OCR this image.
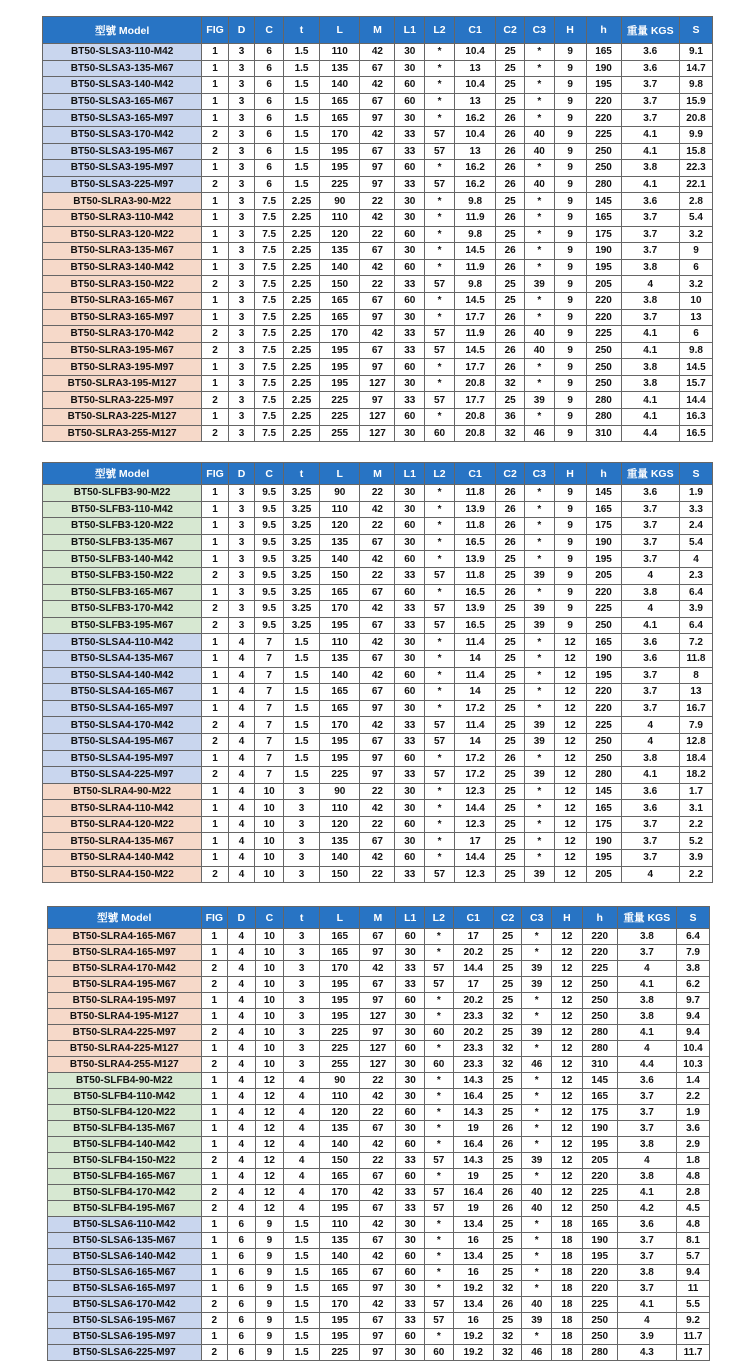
型號 Model	FIG	D	C	t	L	M	L1	L2	C1	C2	C3	H	h	重量 KGS	S
BT50-SLSA3-110-M42	1	3	6	1.5	110	42	30	*	10.4	25	*	9	165	3.6	9.1
BT50-SLSA3-135-M67	1	3	6	1.5	135	67	30	*	13	25	*	9	190	3.6	14.7
BT50-SLSA3-140-M42	1	3	6	1.5	140	42	60	*	10.4	25	*	9	195	3.7	9.8
BT50-SLSA3-165-M67	1	3	6	1.5	165	67	60	*	13	25	*	9	220	3.7	15.9
BT50-SLSA3-165-M97	1	3	6	1.5	165	97	30	*	16.2	26	*	9	220	3.7	20.8
BT50-SLSA3-170-M42	2	3	6	1.5	170	42	33	57	10.4	26	40	9	225	4.1	9.9
BT50-SLSA3-195-M67	2	3	6	1.5	195	67	33	57	13	26	40	9	250	4.1	15.8
BT50-SLSA3-195-M97	1	3	6	1.5	195	97	60	*	16.2	26	*	9	250	3.8	22.3
BT50-SLSA3-225-M97	2	3	6	1.5	225	97	33	57	16.2	26	40	9	280	4.1	22.1
BT50-SLRA3-90-M22	1	3	7.5	2.25	90	22	30	*	9.8	25	*	9	145	3.6	2.8
BT50-SLRA3-110-M42	1	3	7.5	2.25	110	42	30	*	11.9	26	*	9	165	3.7	5.4
BT50-SLRA3-120-M22	1	3	7.5	2.25	120	22	60	*	9.8	25	*	9	175	3.7	3.2
BT50-SLRA3-135-M67	1	3	7.5	2.25	135	67	30	*	14.5	26	*	9	190	3.7	9
BT50-SLRA3-140-M42	1	3	7.5	2.25	140	42	60	*	11.9	26	*	9	195	3.8	6
BT50-SLRA3-150-M22	2	3	7.5	2.25	150	22	33	57	9.8	25	39	9	205	4	3.2
BT50-SLRA3-165-M67	1	3	7.5	2.25	165	67	60	*	14.5	25	*	9	220	3.8	10
BT50-SLRA3-165-M97	1	3	7.5	2.25	165	97	30	*	17.7	26	*	9	220	3.7	13
BT50-SLRA3-170-M42	2	3	7.5	2.25	170	42	33	57	11.9	26	40	9	225	4.1	6
BT50-SLRA3-195-M67	2	3	7.5	2.25	195	67	33	57	14.5	26	40	9	250	4.1	9.8
BT50-SLRA3-195-M97	1	3	7.5	2.25	195	97	60	*	17.7	26	*	9	250	3.8	14.5
BT50-SLRA3-195-M127	1	3	7.5	2.25	195	127	30	*	20.8	32	*	9	250	3.8	15.7
BT50-SLRA3-225-M97	2	3	7.5	2.25	225	97	33	57	17.7	25	39	9	280	4.1	14.4
BT50-SLRA3-225-M127	1	3	7.5	2.25	225	127	60	*	20.8	36	*	9	280	4.1	16.3
BT50-SLRA3-255-M127	2	3	7.5	2.25	255	127	30	60	20.8	32	46	9	310	4.4	16.5
型號 Model	FIG	D	C	t	L	M	L1	L2	C1	C2	C3	H	h	重量 KGS	S
BT50-SLFB3-90-M22	1	3	9.5	3.25	90	22	30	*	11.8	26	*	9	145	3.6	1.9
BT50-SLFB3-110-M42	1	3	9.5	3.25	110	42	30	*	13.9	26	*	9	165	3.7	3.3
BT50-SLFB3-120-M22	1	3	9.5	3.25	120	22	60	*	11.8	26	*	9	175	3.7	2.4
BT50-SLFB3-135-M67	1	3	9.5	3.25	135	67	30	*	16.5	26	*	9	190	3.7	5.4
BT50-SLFB3-140-M42	1	3	9.5	3.25	140	42	60	*	13.9	25	*	9	195	3.7	4
BT50-SLFB3-150-M22	2	3	9.5	3.25	150	22	33	57	11.8	25	39	9	205	4	2.3
BT50-SLFB3-165-M67	1	3	9.5	3.25	165	67	60	*	16.5	26	*	9	220	3.8	6.4
BT50-SLFB3-170-M42	2	3	9.5	3.25	170	42	33	57	13.9	25	39	9	225	4	3.9
BT50-SLFB3-195-M67	2	3	9.5	3.25	195	67	33	57	16.5	25	39	9	250	4.1	6.4
BT50-SLSA4-110-M42	1	4	7	1.5	110	42	30	*	11.4	25	*	12	165	3.6	7.2
BT50-SLSA4-135-M67	1	4	7	1.5	135	67	30	*	14	25	*	12	190	3.6	11.8
BT50-SLSA4-140-M42	1	4	7	1.5	140	42	60	*	11.4	25	*	12	195	3.7	8
BT50-SLSA4-165-M67	1	4	7	1.5	165	67	60	*	14	25	*	12	220	3.7	13
BT50-SLSA4-165-M97	1	4	7	1.5	165	97	30	*	17.2	25	*	12	220	3.7	16.7
BT50-SLSA4-170-M42	2	4	7	1.5	170	42	33	57	11.4	25	39	12	225	4	7.9
BT50-SLSA4-195-M67	2	4	7	1.5	195	67	33	57	14	25	39	12	250	4	12.8
BT50-SLSA4-195-M97	1	4	7	1.5	195	97	60	*	17.2	26	*	12	250	3.8	18.4
BT50-SLSA4-225-M97	2	4	7	1.5	225	97	33	57	17.2	25	39	12	280	4.1	18.2
BT50-SLRA4-90-M22	1	4	10	3	90	22	30	*	12.3	25	*	12	145	3.6	1.7
BT50-SLRA4-110-M42	1	4	10	3	110	42	30	*	14.4	25	*	12	165	3.6	3.1
BT50-SLRA4-120-M22	1	4	10	3	120	22	60	*	12.3	25	*	12	175	3.7	2.2
BT50-SLRA4-135-M67	1	4	10	3	135	67	30	*	17	25	*	12	190	3.7	5.2
BT50-SLRA4-140-M42	1	4	10	3	140	42	60	*	14.4	25	*	12	195	3.7	3.9
BT50-SLRA4-150-M22	2	4	10	3	150	22	33	57	12.3	25	39	12	205	4	2.2
型號 Model	FIG	D	C	t	L	M	L1	L2	C1	C2	C3	H	h	重量 KGS	S
BT50-SLRA4-165-M67	1	4	10	3	165	67	60	*	17	25	*	12	220	3.8	6.4
BT50-SLRA4-165-M97	1	4	10	3	165	97	30	*	20.2	25	*	12	220	3.7	7.9
BT50-SLRA4-170-M42	2	4	10	3	170	42	33	57	14.4	25	39	12	225	4	3.8
BT50-SLRA4-195-M67	2	4	10	3	195	67	33	57	17	25	39	12	250	4.1	6.2
BT50-SLRA4-195-M97	1	4	10	3	195	97	60	*	20.2	25	*	12	250	3.8	9.7
BT50-SLRA4-195-M127	1	4	10	3	195	127	30	*	23.3	32	*	12	250	3.8	9.4
BT50-SLRA4-225-M97	2	4	10	3	225	97	30	60	20.2	25	39	12	280	4.1	9.4
BT50-SLRA4-225-M127	1	4	10	3	225	127	60	*	23.3	32	*	12	280	4	10.4
BT50-SLRA4-255-M127	2	4	10	3	255	127	30	60	23.3	32	46	12	310	4.4	10.3
BT50-SLFB4-90-M22	1	4	12	4	90	22	30	*	14.3	25	*	12	145	3.6	1.4
BT50-SLFB4-110-M42	1	4	12	4	110	42	30	*	16.4	25	*	12	165	3.7	2.2
BT50-SLFB4-120-M22	1	4	12	4	120	22	60	*	14.3	25	*	12	175	3.7	1.9
BT50-SLFB4-135-M67	1	4	12	4	135	67	30	*	19	26	*	12	190	3.7	3.6
BT50-SLFB4-140-M42	1	4	12	4	140	42	60	*	16.4	26	*	12	195	3.8	2.9
BT50-SLFB4-150-M22	2	4	12	4	150	22	33	57	14.3	25	39	12	205	4	1.8
BT50-SLFB4-165-M67	1	4	12	4	165	67	60	*	19	25	*	12	220	3.8	4.8
BT50-SLFB4-170-M42	2	4	12	4	170	42	33	57	16.4	26	40	12	225	4.1	2.8
BT50-SLFB4-195-M67	2	4	12	4	195	67	33	57	19	26	40	12	250	4.2	4.5
BT50-SLSA6-110-M42	1	6	9	1.5	110	42	30	*	13.4	25	*	18	165	3.6	4.8
BT50-SLSA6-135-M67	1	6	9	1.5	135	67	30	*	16	25	*	18	190	3.7	8.1
BT50-SLSA6-140-M42	1	6	9	1.5	140	42	60	*	13.4	25	*	18	195	3.7	5.7
BT50-SLSA6-165-M67	1	6	9	1.5	165	67	60	*	16	25	*	18	220	3.8	9.4
BT50-SLSA6-165-M97	1	6	9	1.5	165	97	30	*	19.2	32	*	18	220	3.7	11
BT50-SLSA6-170-M42	2	6	9	1.5	170	42	33	57	13.4	26	40	18	225	4.1	5.5
BT50-SLSA6-195-M67	2	6	9	1.5	195	67	33	57	16	25	39	18	250	4	9.2
BT50-SLSA6-195-M97	1	6	9	1.5	195	97	60	*	19.2	32	*	18	250	3.9	11.7
BT50-SLSA6-225-M97	2	6	9	1.5	225	97	30	60	19.2	32	46	18	280	4.3	11.7
